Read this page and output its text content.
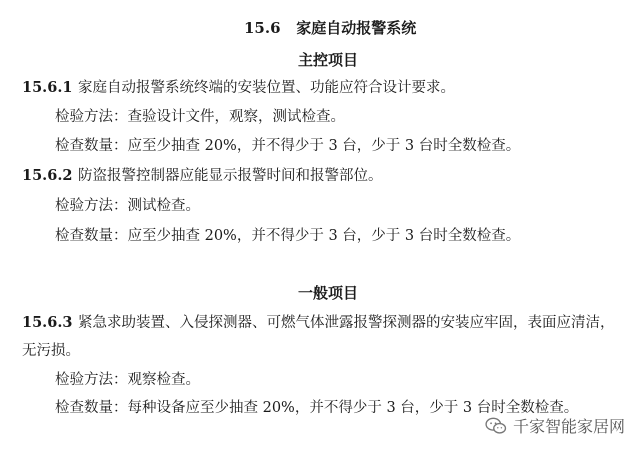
15.6 家庭自动报警系统
主控项目
15.6.1 家庭自动报警系统终端的安装位置、功能应符合设计要求。
检验方法：查验设计文件，观察，测试检查。
检查数量：应至少抽查 20%，并不得少于 3 台，少于 3 台时全数检查。
15.6.2 防盗报警控制器应能显示报警时间和报警部位。
检验方法：测试检查。
检查数量：应至少抽查 20%，并不得少于 3 台，少于 3 台时全数检查。
一般项目
15.6.3 紧急求助装置、入侵探测器、可燃气体泄露报警探测器的安装应牢固，表面应清洁，
无污损。
检验方法：观察检查。
检查数量：每种设备应至少抽查 20%，并不得少于 3 台，少于 3 台时全数检查。
千家智能家居网
